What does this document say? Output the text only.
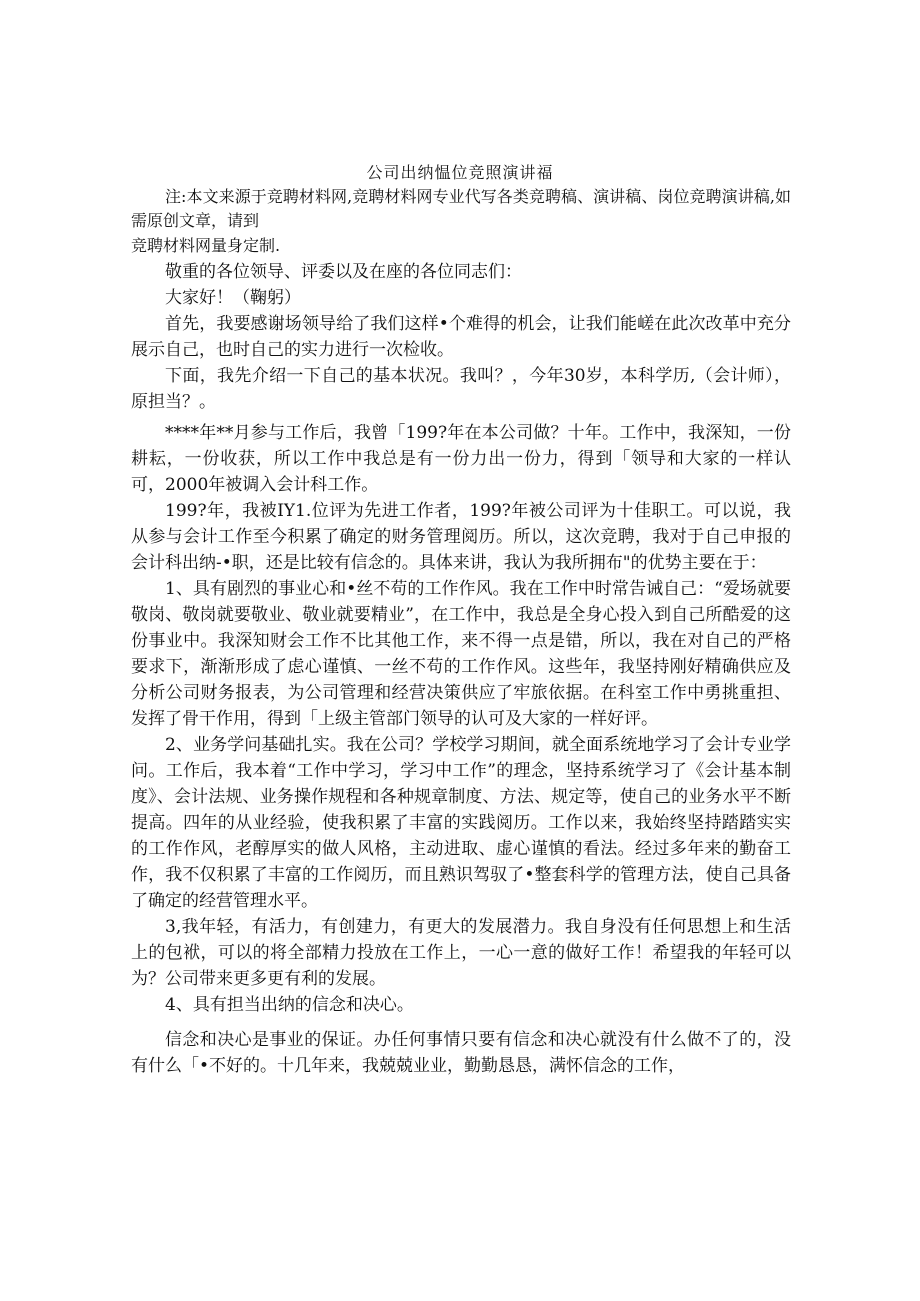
公司出纳愠位竞照演讲福

注:本文来源于竞聘材料网,竞聘材料网专业代写各类竞聘稿、演讲稿、岗位竞聘演讲稿,如需原创文章，请到

竞聘材料网量身定制.

敬重的各位领导、评委以及在座的各位同志们：

大家好！（鞠躬）

首先，我要感谢场领导给了我们这样•个难得的机会，让我们能嵯在此次改革中充分展示自己，也时自己的实力进行一次检收。

下面，我先介绍一下自己的基本状况。我叫？，今年30岁，本科学历,（会计师），原担当？。

****年**月参与工作后，我曾「199?年在本公司做？十年。工作中，我深知，一份耕耘，一份收获，所以工作中我总是有一份力出一份力，得到「领导和大家的一样认可，2000年被调入会计科工作。

199?年，我被IY1.位评为先进工作者，199?年被公司评为十佳职工。可以说，我从参与会计工作至今积累了确定的财务管理阅历。所以，这次竞聘，我对于自己申报的会计科出纳-•职，还是比较有信念的。具体来讲，我认为我所拥布"的优势主要在于：

1、具有剧烈的事业心和•丝不苟的工作作风。我在工作中时常告诫自己：“爱场就要敬岗、敬岗就要敬业、敬业就要精业”，在工作中，我总是全身心投入到自己所酷爱的这份事业中。我深知财会工作不比其他工作，来不得一点是错，所以，我在对自己的严格要求下，渐渐形成了虑心谨慎、一丝不苟的工作作风。这些年，我坚持刚好精确供应及分析公司财务报表，为公司管理和经营决策供应了牢旅依据。在科室工作中勇挑重担、发挥了骨干作用，得到「上级主管部门领导的认可及大家的一样好评。

2、业务学问基础扎实。我在公司？学校学习期间，就全面系统地学习了会计专业学问。工作后，我本着“工作中学习，学习中工作”的理念，坚持系统学习了《会计基本制度》、会计法规、业务操作规程和各种规章制度、方法、规定等，使自己的业务水平不断提高。四年的从业经验，使我积累了丰富的实践阅历。工作以来，我始终坚持踏踏实实的工作作风，老醇厚实的做人风格，主动进取、虚心谨慎的看法。经过多年来的勤奋工作，我不仅积累了丰富的工作阅历，而且熟识驾驭了•整套科学的管理方法，使自己具备了确定的经营管理水平。

3,我年轻，有活力，有创建力，有更大的发展潜力。我自身没有任何思想上和生活上的包袱，可以的将全部精力投放在工作上，一心一意的做好工作！希望我的年轻可以为？公司带来更多更有利的发展。

4、具有担当出纳的信念和决心。

信念和决心是事业的保证。办任何事情只要有信念和决心就没有什么做不了的，没有什么「•不好的。十几年来，我兢兢业业，勤勤恳恳，满怀信念的工作，
